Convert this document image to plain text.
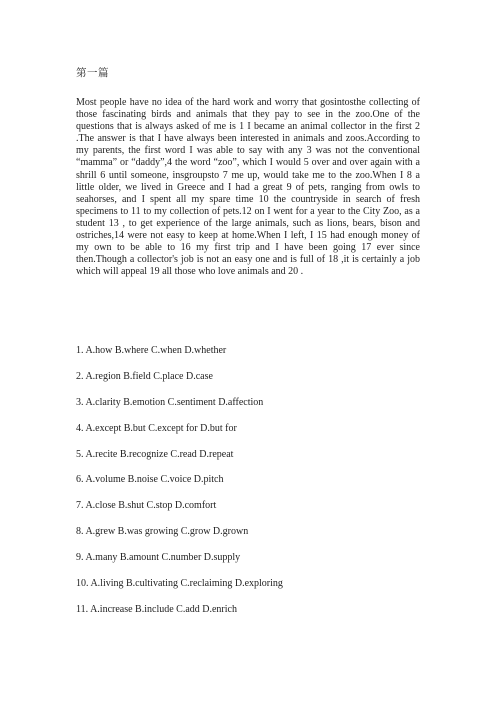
第一篇

Most people have no idea of the hard work and worry that gosintosthe collecting of those fascinating birds and animals that they pay to see in the zoo.One of the questions that is always asked of me is 1 I became an animal collector in the first 2 .The answer is that I have always been interested in animals and zoos.According to my parents, the first word I was able to say with any 3 was not the conventional “mamma” or “daddy”,4 the word “zoo”, which I would 5 over and over again with a shrill 6 until someone, insgroupsto 7 me up, would take me to the zoo.When I 8 a little older, we lived in Greece and I had a great 9 of pets, ranging from owls to seahorses, and I spent all my spare time 10 the countryside in search of fresh specimens to 11 to my collection of pets.12 on I went for a year to the City Zoo, as a student 13 , to get experience of the large animals, such as lions, bears, bison and ostriches,14 were not easy to keep at home.When I left, I 15 had enough money of my own to be able to 16 my first trip and I have been going 17 ever since then.Though a collector's job is not an easy one and is full of 18 ,it is certainly a job which will appeal 19 all those who love animals and 20 .

1. A.how B.where C.when D.whether
2. A.region B.field C.place D.case
3. A.clarity B.emotion C.sentiment D.affection
4. A.except B.but C.except for D.but for
5. A.recite B.recognize C.read D.repeat
6. A.volume B.noise C.voice D.pitch
7. A.close B.shut C.stop D.comfort
8. A.grew B.was growing C.grow D.grown
9. A.many B.amount C.number D.supply
10. A.living B.cultivating C.reclaiming D.exploring
11. A.increase B.include C.add D.enrich
